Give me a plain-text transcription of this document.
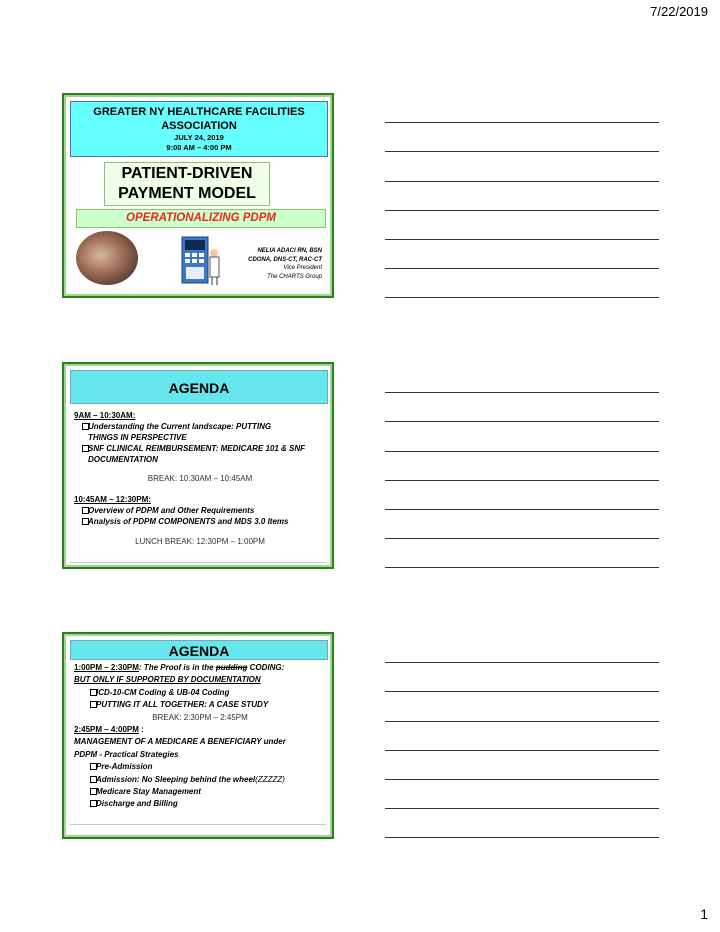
7/22/2019
GREATER NY HEALTHCARE FACILITIES
ASSOCIATION
JULY 24, 2019
9:00 AM – 4:00 PM
PATIENT-DRIVEN
PAYMENT MODEL
OPERATIONALIZING PDPM
NELIA ADACI RN, BSN
CDONA, DNS-CT, RAC-CT
Vice President
The CHARTS Group
AGENDA
9AM – 10:30AM:
Understanding the Current landscape: PUTTING
THINGS IN PERSPECTIVE
SNF CLINICAL REIMBURSEMENT: MEDICARE 101 & SNF
DOCUMENTATION
BREAK: 10:30AM – 10:45AM
10:45AM – 12:30PM:
Overview of PDPM and Other Requirements
Analysis of PDPM COMPONENTS and MDS 3.0 Items
LUNCH BREAK: 12:30PM – 1:00PM
AGENDA
1:00PM – 2:30PM: The Proof is in the pudding CODING:
BUT ONLY IF SUPPORTED BY DOCUMENTATION
ICD-10-CM Coding & UB-04 Coding
PUTTING IT ALL TOGETHER: A CASE STUDY
BREAK: 2:30PM – 2:45PM
2:45PM – 4:00PM :
MANAGEMENT OF A MEDICARE A BENEFICIARY under
PDPM - Practical Strategies
Pre-Admission
Admission: No Sleeping behind the wheel(ZZZZZ)
Medicare Stay Management
Discharge and Billing
1
